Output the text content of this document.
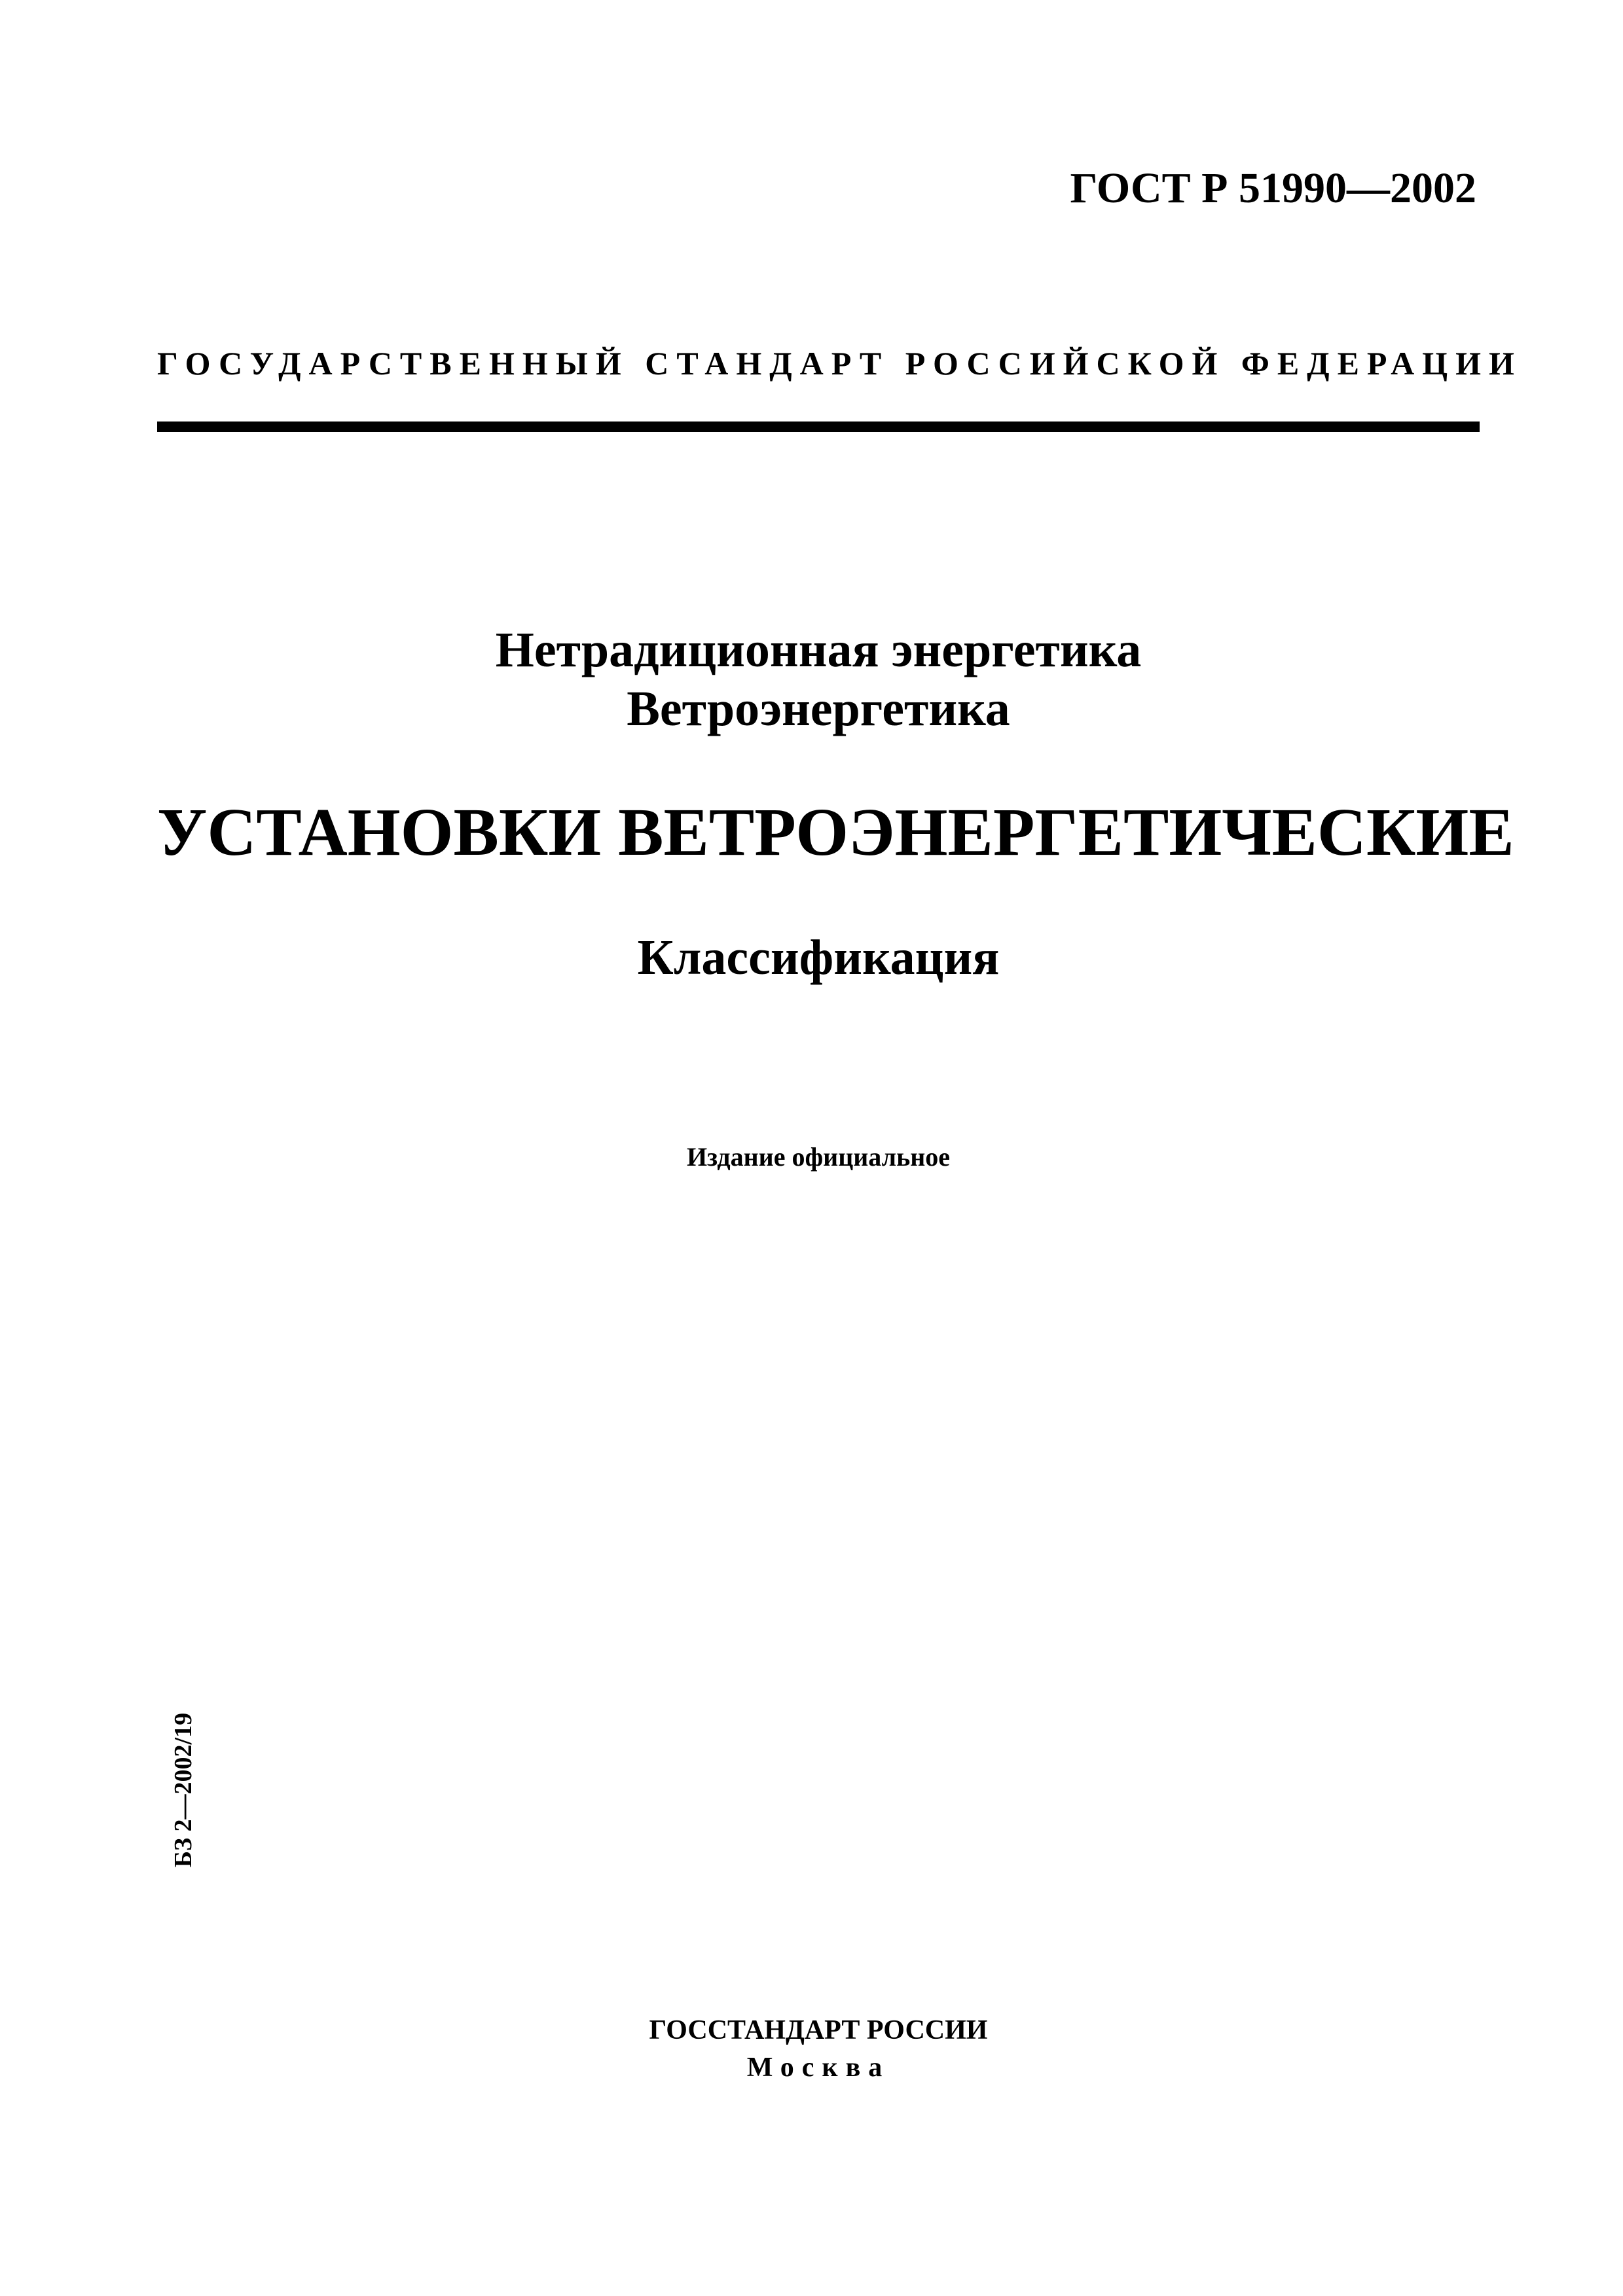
ГОСТ Р 51990—2002

ГОСУДАРСТВЕННЫЙ СТАНДАРТ РОССИЙСКОЙ ФЕДЕРАЦИИ

Нетрадиционная энергетика

Ветроэнергетика

УСТАНОВКИ ВЕТРОЭНЕРГЕТИЧЕСКИЕ

Классификация

Издание официальное

БЗ 2—2002/19

ГОССТАНДАРТ РОССИИ

Москва
